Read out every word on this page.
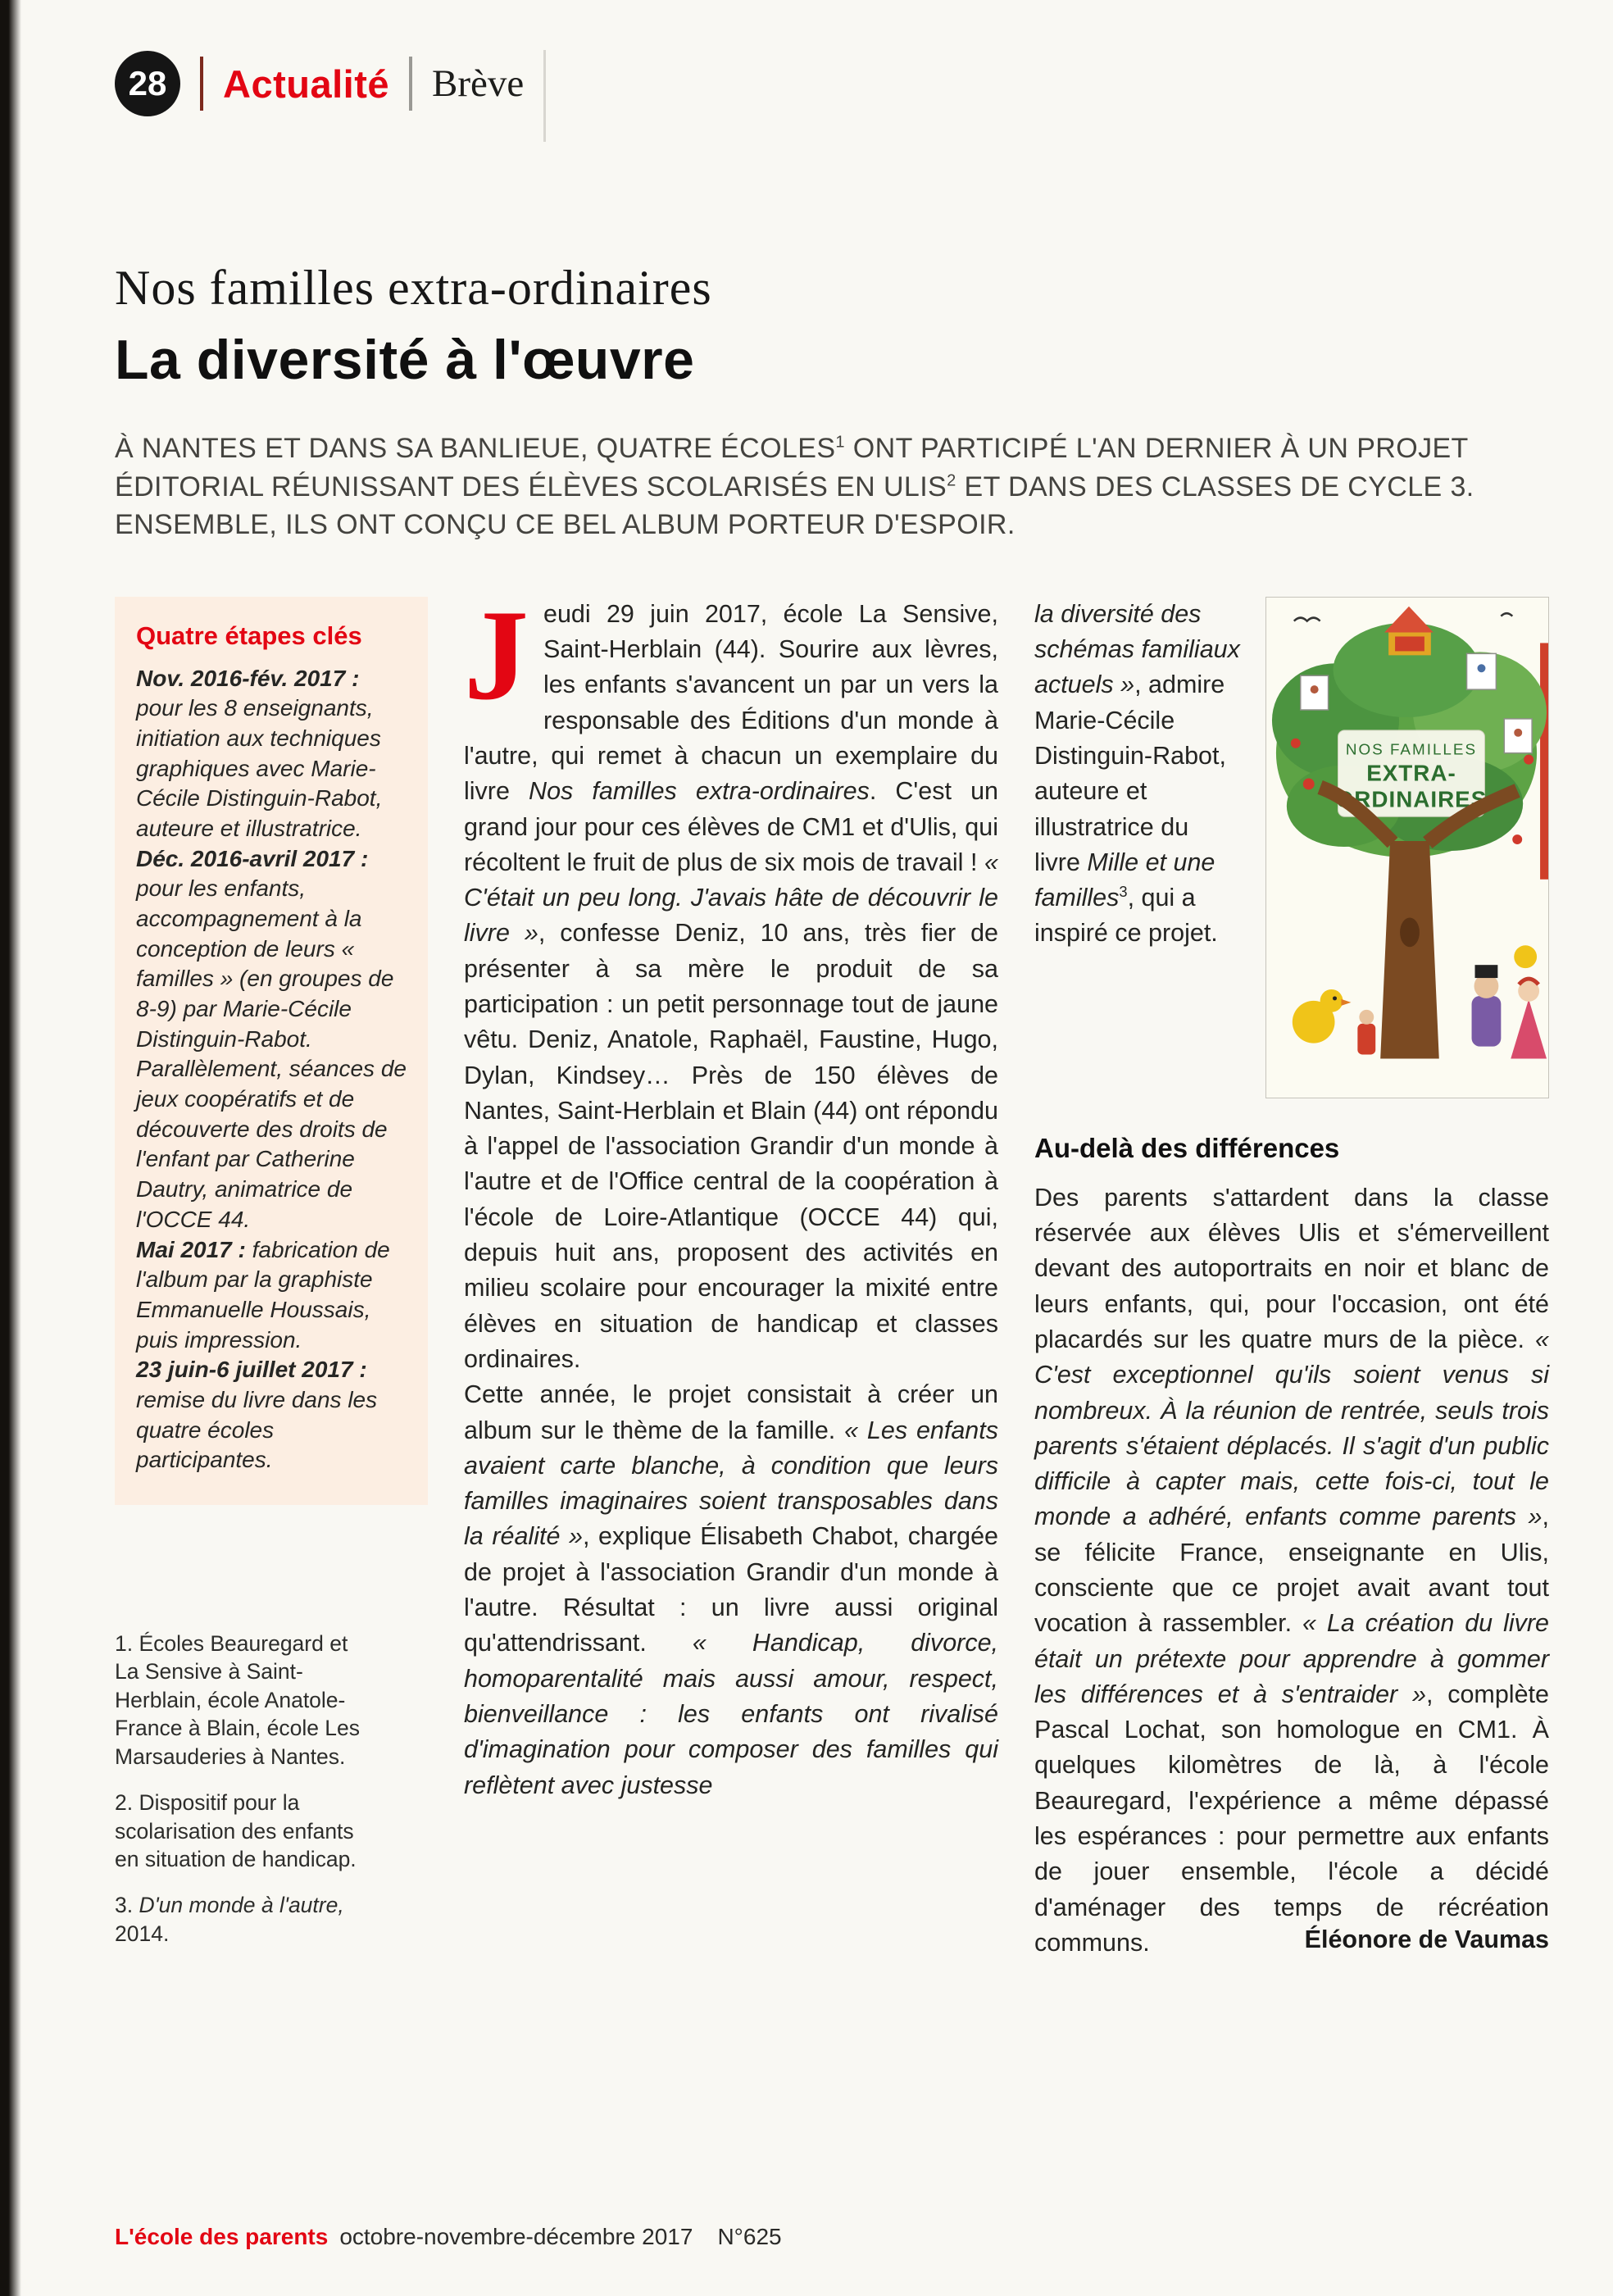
28	Actualité Brève
Nos familles extra-ordinaires
La diversité à l'œuvre

À NANTES ET DANS SA BANLIEUE, QUATRE ÉCOLES$^1$ ONT PARTICIPÉ L'AN DERNIER À UN PROJET ÉDITORIAL RÉUNISSANT DES ÉLÈVES SCOLARISÉS EN ULIS$^2$ ET DANS DES CLASSES DE CYCLE 3. ENSEMBLE, ILS ONT CONÇU CE BEL ALBUM PORTEUR D'ESPOIR.

Quatre étapes clés

Nov. 2016-fév. 2017 : pour les 8 enseignants, initiation aux techniques graphiques avec Marie-Cécile Distinguin-Rabot, auteure et illustratrice.

Déc. 2016-avril 2017 : pour les enfants, accompagnement à la conception de leurs « familles » (en groupes de 8-9) par Marie-Cécile Distinguin-Rabot. Parallèlement, séances de jeux coopératifs et de découverte des droits de l'enfant par Catherine Dautry, animatrice de l'OCCE 44.

Mai 2017 : fabrication de l'album par la graphiste Emmanuelle Houssais, puis impression.

23 juin-6 juillet 2017 : remise du livre dans les quatre écoles participantes.

1. Écoles Beauregard et La Sensive à Saint-Herblain, école Anatole-France à Blain, école Les Marsauderies à Nantes.

2. Dispositif pour la scolarisation des enfants en situation de handicap.

3. D'un monde à l'autre, 2014.

Jeudi 29 juin 2017, école La Sensive, Saint-Herblain (44). Sourire aux lèvres, les enfants s'avancent un par un vers la responsable des Éditions d'un monde à l'autre, qui remet à chacun un exemplaire du livre Nos familles extra-ordinaires. C'est un grand jour pour ces élèves de CM1 et d'Ulis, qui récoltent le fruit de plus de six mois de travail ! « C'était un peu long. J'avais hâte de découvrir le livre », confesse Deniz, 10 ans, très fier de présenter à sa mère le produit de sa participation : un petit personnage tout de jaune vêtu. Deniz, Anatole, Raphaël, Faustine, Hugo, Dylan, Kindsey… Près de 150 élèves de Nantes, Saint-Herblain et Blain (44) ont répondu à l'appel de l'association Grandir d'un monde à l'autre et de l'Office central de la coopération à l'école de Loire-Atlantique (OCCE 44) qui, depuis huit ans, proposent des activités en milieu scolaire pour encourager la mixité entre élèves en situation de handicap et classes ordinaires.

Cette année, le projet consistait à créer un album sur le thème de la famille. « Les enfants avaient carte blanche, à condition que leurs familles imaginaires soient transposables dans la réalité », explique Élisabeth Chabot, chargée de projet à l'association Grandir d'un monde à l'autre. Résultat : un livre aussi original qu'attendrissant. « Handicap, divorce, homoparentalité mais aussi amour, respect, bienveillance : les enfants ont rivalisé d'imagination pour composer des familles qui reflètent avec justesse

la diversité des schémas familiaux actuels », admire Marie-Cécile Distinguin-Rabot, auteure et illustratrice du livre Mille et une familles$^3$, qui a inspiré ce projet.

NOS FAMILLES
EXTRA-
ORDINAIRES
Au-delà des différences

Des parents s'attardent dans la classe réservée aux élèves Ulis et s'émerveillent devant des autoportraits en noir et blanc de leurs enfants, qui, pour l'occasion, ont été placardés sur les quatre murs de la pièce. « C'est exceptionnel qu'ils soient venus si nombreux. À la réunion de rentrée, seuls trois parents s'étaient déplacés. Il s'agit d'un public difficile à capter mais, cette fois-ci, tout le monde a adhéré, enfants comme parents », se félicite France, enseignante en Ulis, consciente que ce projet avait avant tout vocation à rassembler. « La création du livre était un prétexte pour apprendre à gommer les différences et à s'entraider », complète Pascal Lochat, son homologue en CM1. À quelques kilomètres de là, à l'école Beauregard, l'expérience a même dépassé les espérances : pour permettre aux enfants de jouer ensemble, l'école a décidé d'aménager des temps de récréation communs.	Éléonore de Vaumas
L'école des parents octobre-novembre-décembre 2017 N°625
